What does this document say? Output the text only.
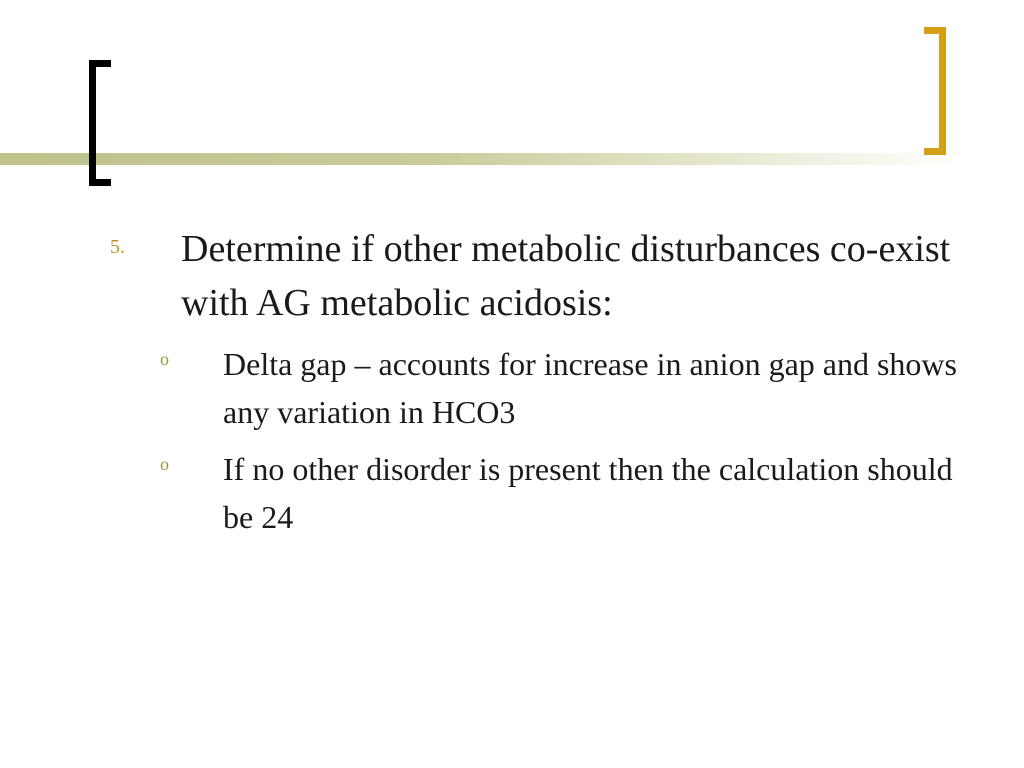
5. Determine if other metabolic disturbances co-exist with AG metabolic acidosis:
o Delta gap – accounts for increase in anion gap and shows any variation in HCO3
o If no other disorder is present then the calculation should be 24
